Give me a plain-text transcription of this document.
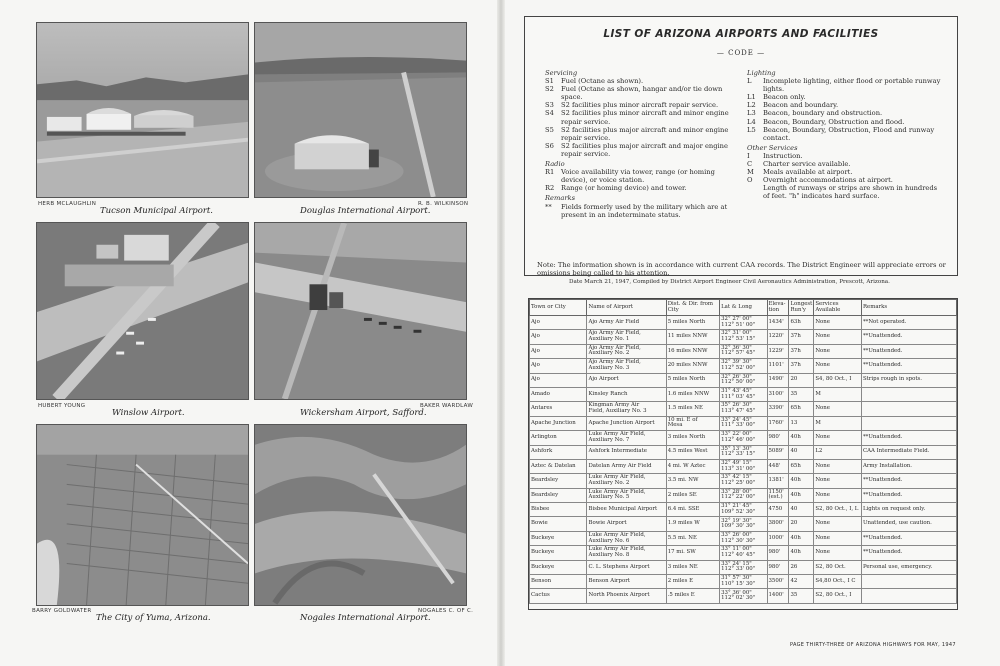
HERB MCLAUGHLIN
Tucson Municipal Airport.
R. B. WILKINSON
Douglas International Airport.
HUBERT YOUNG
Winslow Airport.
BAKER WARDLAW
Wickersham Airport, Safford.
BARRY GOLDWATER
The City of Yuma, Arizona.
NOGALES C. OF C.
Nogales International Airport.
LIST OF ARIZONA AIRPORTS AND FACILITIES
— CODE —
Servicing
S1	Fuel (Octane as shown).
S2	Fuel (Octane as shown, hangar and/or tie down space.
S3	S2 facilities plus minor aircraft repair service.
S4	S2 facilities plus minor aircraft and minor engine repair service.
S5	S2 facilities plus major aircraft and minor engine repair service.
S6	S2 facilities plus major aircraft and major engine repair service.
Radio
R1	Voice availability via tower, range (or homing device), or voice station.
R2	Range (or homing device) and tower.
Remarks
**	Fields formerly used by the military which are at present in an indeterminate status.
Lighting
L	Incomplete lighting, either flood or portable runway lights.
L1	Beacon only.
L2	Beacon and boundary.
L3	Beacon, boundary and obstruction.
L4	Beacon, Boundary, Obstruction and flood.
L5	Beacon, Boundary, Obstruction, Flood and runway contact.
Other Services
I	Instruction.
C	Charter service available.
M	Meals available at airport.
O	Overnight accommodations at airport.
Length of runways or strips are shown in hundreds of feet. "h" indicates hard surface.
Note: The information shown is in accordance with current CAA records. The District Engineer will appreciate errors or omissions being called to his attention.
Date March 21, 1947, Compiled by District Airport Engineer Civil Aeronautics Administration, Prescott, Arizona.
Town or City	Name of Airport	Dist. & Dir. from City	Lat & Long	Eleva-tion	Longest Run'y	Services Available	Remarks
Ajo	Ajo Army Air Field	5 miles North	32° 27' 00"
112° 51' 00"	1434'	63h	None	**Not operated.
Ajo	Ajo Army Air Field,
Auxiliary No. 1	11 miles NNW	32° 31' 00"
112° 53' 15"	1220'	37h	None	**Unattended.
Ajo	Ajo Army Air Field,
Auxiliary No. 2	16 miles NNW	32° 36' 30"
112° 57' 45"	1229'	37h	None	**Unattended.
Ajo	Ajo Army Air Field,
Auxiliary No. 3	20 miles NNW	32° 39' 30"
112° 52' 00"	1101'	37h	None	**Unattended.
Ajo	Ajo Airport	5 miles North	32° 26' 30"
112° 50' 00"	1490'	20	S4, 80 Oct., I	Strips rough in spots.
Amado	Kinsley Ranch	1.6 miles NNW	31° 43' 45"
111° 03' 45"	3100'	35	M	
Antares	Kingman Army Air
Field, Auxiliary No. 3	1.5 miles NE	35° 26' 30"
113° 47' 45"	3390'	65h	None	
Apache Junction	Apache Junction Airport	10 mi. E of
Mesa	33° 24' 45"
111° 33' 00"	1760'	13	M	
Arlington	Luke Army Air Field,
Auxiliary No. 7	3 miles North	33° 22' 00"
112° 46' 00"	980'	40h	None	**Unattended.
Ashfork	Ashfork Intermediate	4.5 miles West	35° 13' 30"
112° 33' 15"	5089'	40	L2	CAA Intermediate Field.
Aztec & Datelan	Datelan Army Air Field	4 mi. W Aztec	32° 49' 15"
113° 31' 00"	448'	65h	None	Army Installation.
Beardsley	Luke Army Air Field,
Auxiliary No. 2	3.5 mi. NW	33° 42' 15"
112° 25' 00"	1381'	40h	None	**Unattended.
Beardsley	Luke Army Air Field,
Auxiliary No. 5	2 miles SE	33° 28' 00"
112° 22' 00"	1150'
(est.)	40h	None	**Unattended.
Bisbee	Bisbee Municipal Airport	6.4 mi. SSE	31° 21' 45"
109° 52' 30"	4750	40	S2, 80 Oct., I, L	Lights on request only.
Bowie	Bowie Airport	1.9 miles W	32° 19' 30"
109° 30' 30"	3800'	20	None	Unattended, use caution.
Buckeye	Luke Army Air Field,
Auxiliary No. 6	5.5 mi. NE	33° 26' 00"
112° 30' 30"	1000'	40h	None	**Unattended.
Buckeye	Luke Army Air Field,
Auxiliary No. 8	17 mi. SW	33° 11' 00"
112° 40' 45"	980'	40h	None	**Unattended.
Buckeye	C. L. Stephens Airport	3 miles NE	33° 24' 15"
112° 33' 00"	980'	26	S2, 80 Oct.	Personal use, emergency.
Benson	Benson Airport	2 miles E	31° 57' 30"
110° 15' 30"	3500'	42	S4,80 Oct., I C	
Cactus	North Phoenix Airport	.5 miles E	33° 36' 00"
112° 02' 30"	1400'	35	S2, 80 Oct., I	
PAGE THIRTY-THREE OF ARIZONA HIGHWAYS FOR MAY, 1947
